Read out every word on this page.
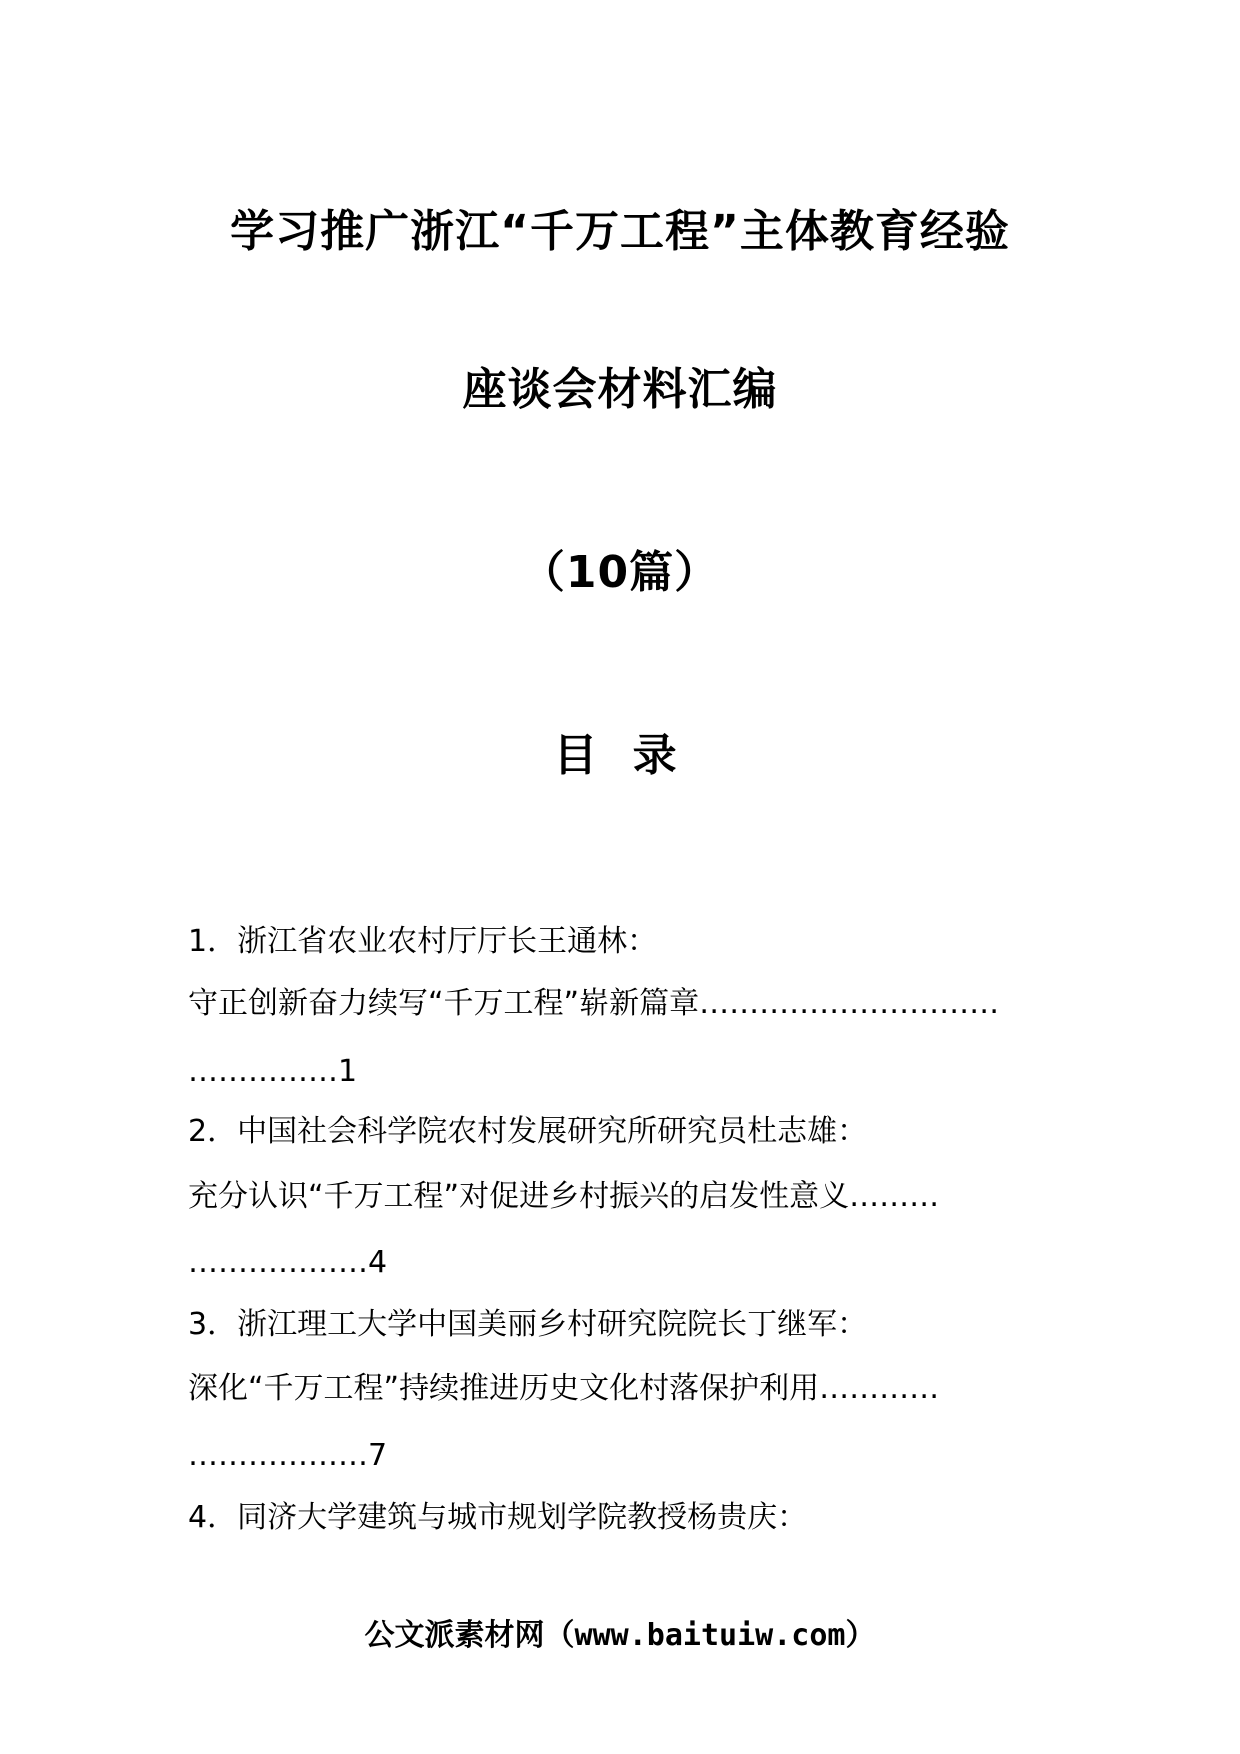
学习推广浙江“千万工程”主体教育经验
座谈会材料汇编
（10篇）
目 录
1．浙江省农业农村厅厅长王通林：
守正创新奋力续写“千万工程”崭新篇章…………………………
……………1
2．中国社会科学院农村发展研究所研究员杜志雄：
充分认识“千万工程”对促进乡村振兴的启发性意义………
………………4
3．浙江理工大学中国美丽乡村研究院院长丁继军：
深化“千万工程”持续推进历史文化村落保护利用…………
………………7
4．同济大学建筑与城市规划学院教授杨贵庆：
公文派素材网（www.baituiw.com）
